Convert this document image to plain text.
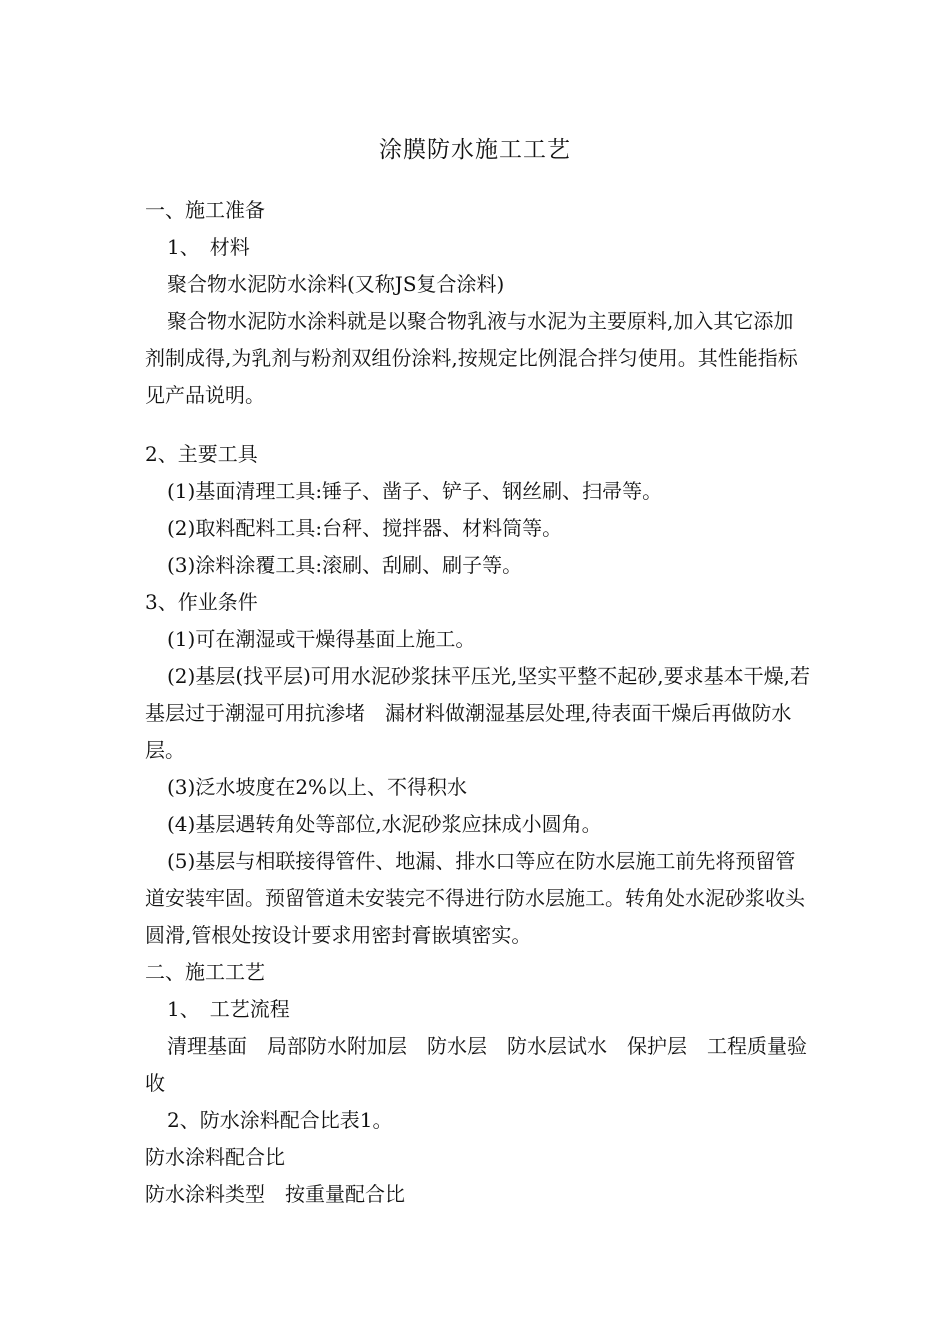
涂膜防水施工工艺

一、施工准备

1、　材料

聚合物水泥防水涂料(又称JS复合涂料)

聚合物水泥防水涂料就是以聚合物乳液与水泥为主要原料,加入其它添加剂制成得,为乳剂与粉剂双组份涂料,按规定比例混合拌匀使用。其性能指标见产品说明。

2、主要工具

(1)基面清理工具:锤子、凿子、铲子、钢丝刷、扫帚等。

(2)取料配料工具:台秤、搅拌器、材料筒等。

(3)涂料涂覆工具:滚刷、刮刷、刷子等。

3、作业条件

(1)可在潮湿或干燥得基面上施工。

(2)基层(找平层)可用水泥砂浆抹平压光,坚实平整不起砂,要求基本干燥,若基层过于潮湿可用抗渗堵　漏材料做潮湿基层处理,待表面干燥后再做防水层。

(3)泛水坡度在2%以上、不得积水

(4)基层遇转角处等部位,水泥砂浆应抹成小圆角。

(5)基层与相联接得管件、地漏、排水口等应在防水层施工前先将预留管道安装牢固。预留管道未安装完不得进行防水层施工。转角处水泥砂浆收头圆滑,管根处按设计要求用密封膏嵌填密实。

二、施工工艺

1、　工艺流程

清理基面　局部防水附加层　防水层　防水层试水　保护层　工程质量验收

2、防水涂料配合比表1。

防水涂料配合比

防水涂料类型　按重量配合比
